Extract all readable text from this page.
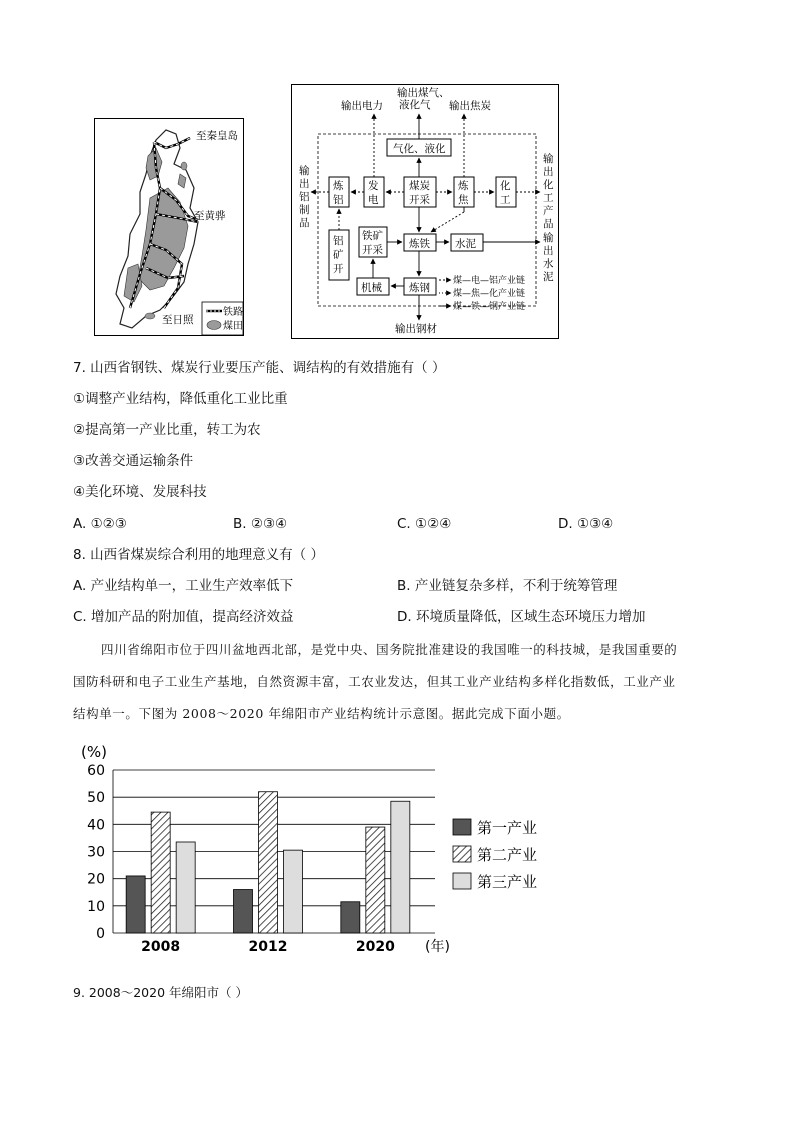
至秦皇岛
至黄骅
至日照
铁路
煤田
输出电力
输出煤气、
液化气 输出焦炭
输
出
铝
制
品
输
出
化
工
产
品
输
出
水
泥
输出钢材
气化、液化
发
电
煤炭
开采
炼
焦
化
工
炼
铝
铝
矿
开
铁矿
开采 炼铁 水泥
机械	炼钢
煤—电—铝产业链
煤—焦—化产业链
煤—铁—钢产业链
7. 山西省钢铁、煤炭行业要压产能、调结构的有效措施有（ ）
①调整产业结构，降低重化工业比重
②提高第一产业比重，转工为农
③改善交通运输条件
④美化环境、发展科技
A. ①②③	B. ②③④	C. ①②④	D. ①③④
8. 山西省煤炭综合利用的地理意义有（ ）
A. 产业结构单一，工业生产效率低下	B. 产业链复杂多样，不利于统筹管理
C. 增加产品的附加值，提高经济效益	D. 环境质量降低，区域生态环境压力增加
四川省绵阳市位于四川盆地西北部，是党中央、国务院批准建设的我国唯一的科技城，是我国重要的
国防科研和电子工业生产基地，自然资源丰富，工农业发达，但其工业产业结构多样化指数低，工业产业
结构单一。下图为 2008～2020 年绵阳市产业结构统计示意图。据此完成下面小题。
0
10
20
30
40
50
60
(%)
2008	2012	2020 (年)
第一产业
第二产业
第三产业
9. 2008～2020 年绵阳市（ ）
